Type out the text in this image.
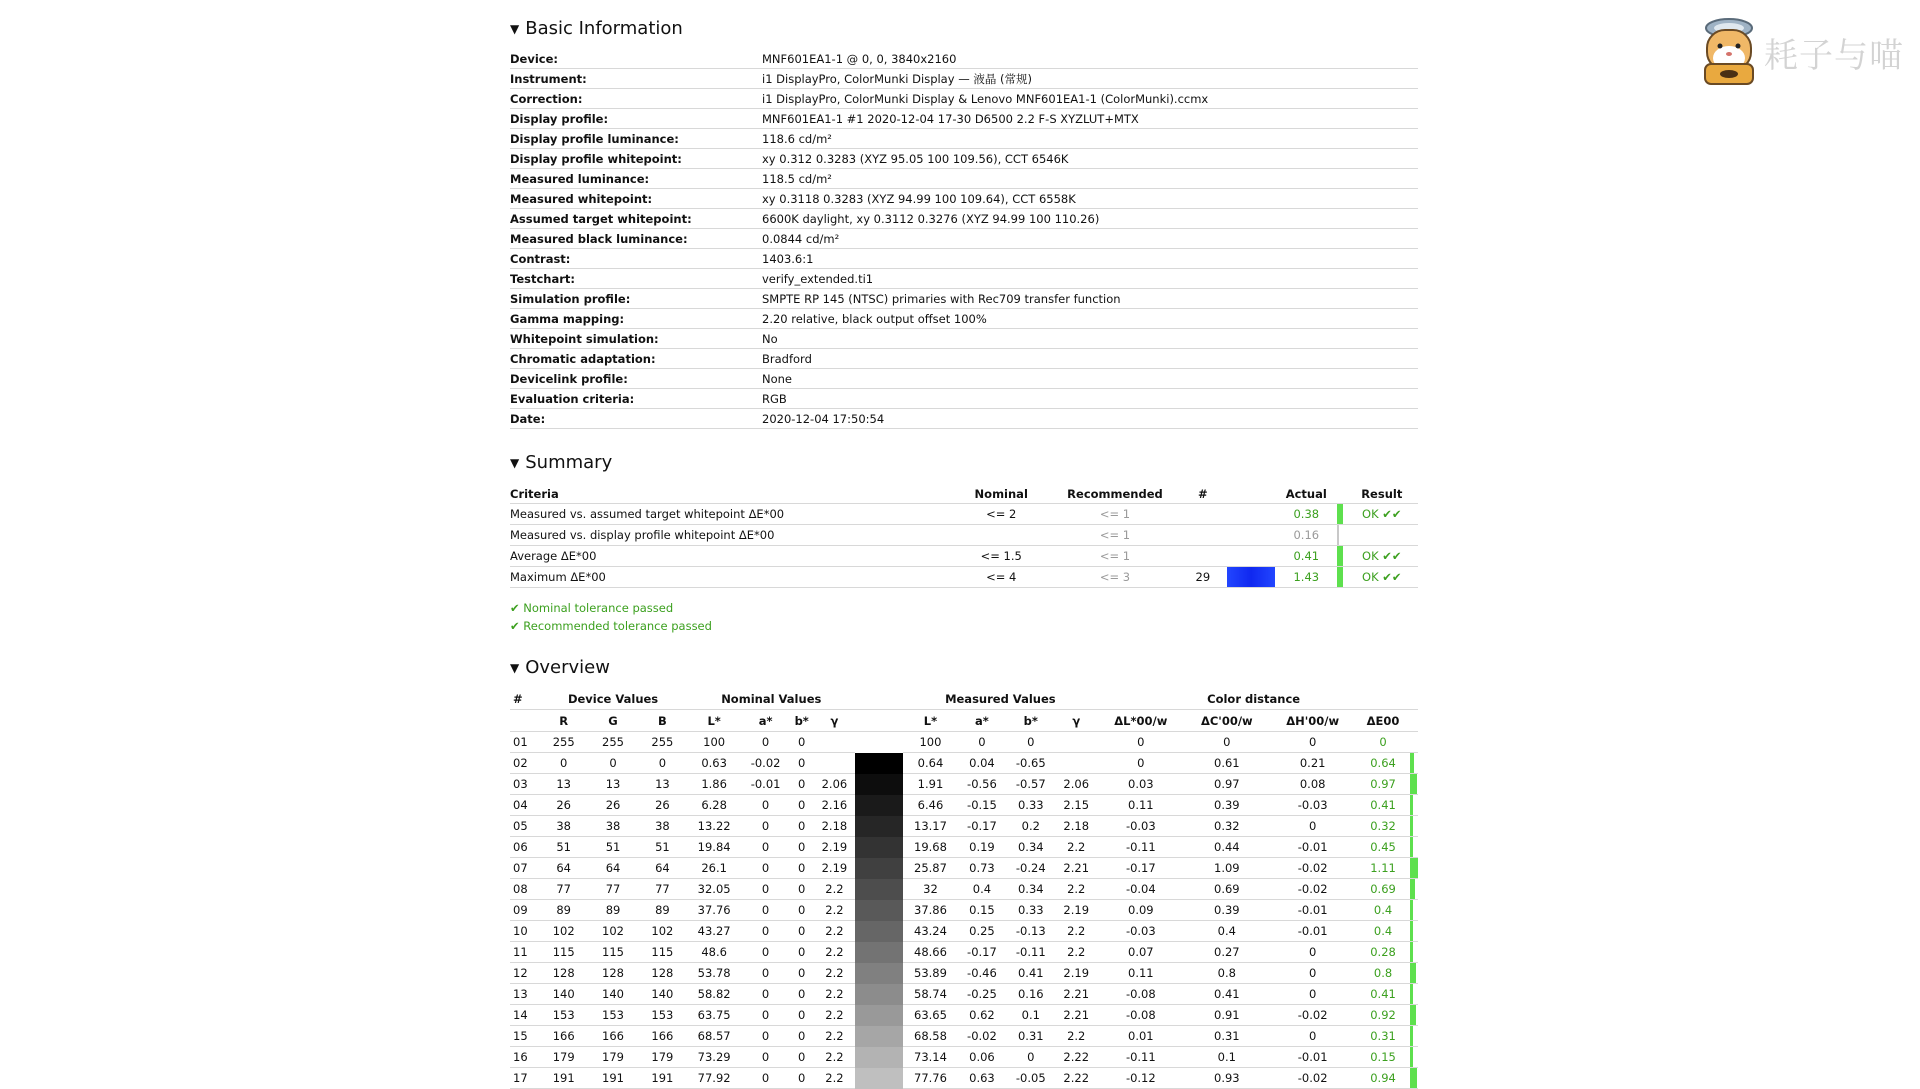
耗子与喵
▼ Basic Information
Device:	MNF601EA1-1 @ 0, 0, 3840x2160
Instrument:	i1 DisplayPro, ColorMunki Display — 液晶 (常规)
Correction:	i1 DisplayPro, ColorMunki Display & Lenovo MNF601EA1-1 (ColorMunki).ccmx
Display profile:	MNF601EA1-1 #1 2020-12-04 17-30 D6500 2.2 F-S XYZLUT+MTX
Display profile luminance:	118.6 cd/m²
Display profile whitepoint:	xy 0.312 0.3283 (XYZ 95.05 100 109.56), CCT 6546K
Measured luminance:	118.5 cd/m²
Measured whitepoint:	xy 0.3118 0.3283 (XYZ 94.99 100 109.64), CCT 6558K
Assumed target whitepoint:	6600K daylight, xy 0.3112 0.3276 (XYZ 94.99 100 110.26)
Measured black luminance:	0.0844 cd/m²
Contrast:	1403.6:1
Testchart:	verify_extended.ti1
Simulation profile:	SMPTE RP 145 (NTSC) primaries with Rec709 transfer function
Gamma mapping:	2.20 relative, black output offset 100%
Whitepoint simulation:	No
Chromatic adaptation:	Bradford
Devicelink profile:	None
Evaluation criteria:	RGB
Date:	2020-12-04 17:50:54
▼ Summary
Criteria	Nominal	Recommended	#		Actual		Result
Measured vs. assumed target whitepoint ΔE*00	<= 2	<= 1			0.38		OK ✔✔
Measured vs. display profile whitepoint ΔE*00		<= 1			0.16	

Average ΔE*00	<= 1.5	<= 1			0.41		OK ✔✔
Maximum ΔE*00	<= 4	<= 3	29		1.43		OK ✔✔
✔ Nominal tolerance passed
✔ Recommended tolerance passed
▼ Overview
#	Device Values			Nominal Values					Measured Values				Color distance				
	R	G	B	L*	a*	b*	γ		L*	a*	b*	γ	ΔL*00/w	ΔC'00/w	ΔH'00/w	ΔE00	
01	255	255	255	100	0	0			100	0	0		0	0	0	0	
02	0	0	0	0.63	-0.02	0			0.64	0.04	-0.65		0	0.61	0.21	0.64	

03	13	13	13	1.86	-0.01	0	2.06		1.91	-0.56	-0.57	2.06	0.03	0.97	0.08	0.97	

04	26	26	26	6.28	0	0	2.16		6.46	-0.15	0.33	2.15	0.11	0.39	-0.03	0.41	

05	38	38	38	13.22	0	0	2.18		13.17	-0.17	0.2	2.18	-0.03	0.32	0	0.32	

06	51	51	51	19.84	0	0	2.19		19.68	0.19	0.34	2.2	-0.11	0.44	-0.01	0.45	

07	64	64	64	26.1	0	0	2.19		25.87	0.73	-0.24	2.21	-0.17	1.09	-0.02	1.11	

08	77	77	77	32.05	0	0	2.2		32	0.4	0.34	2.2	-0.04	0.69	-0.02	0.69	

09	89	89	89	37.76	0	0	2.2		37.86	0.15	0.33	2.19	0.09	0.39	-0.01	0.4	

10	102	102	102	43.27	0	0	2.2		43.24	0.25	-0.13	2.2	-0.03	0.4	-0.01	0.4	

11	115	115	115	48.6	0	0	2.2		48.66	-0.17	-0.11	2.2	0.07	0.27	0	0.28	

12	128	128	128	53.78	0	0	2.2		53.89	-0.46	0.41	2.19	0.11	0.8	0	0.8	

13	140	140	140	58.82	0	0	2.2		58.74	-0.25	0.16	2.21	-0.08	0.41	0	0.41	

14	153	153	153	63.75	0	0	2.2		63.65	0.62	0.1	2.21	-0.08	0.91	-0.02	0.92	

15	166	166	166	68.57	0	0	2.2		68.58	-0.02	0.31	2.2	0.01	0.31	0	0.31	

16	179	179	179	73.29	0	0	2.2		73.14	0.06	0	2.22	-0.11	0.1	-0.01	0.15	

17	191	191	191	77.92	0	0	2.2		77.76	0.63	-0.05	2.22	-0.12	0.93	-0.02	0.94	
